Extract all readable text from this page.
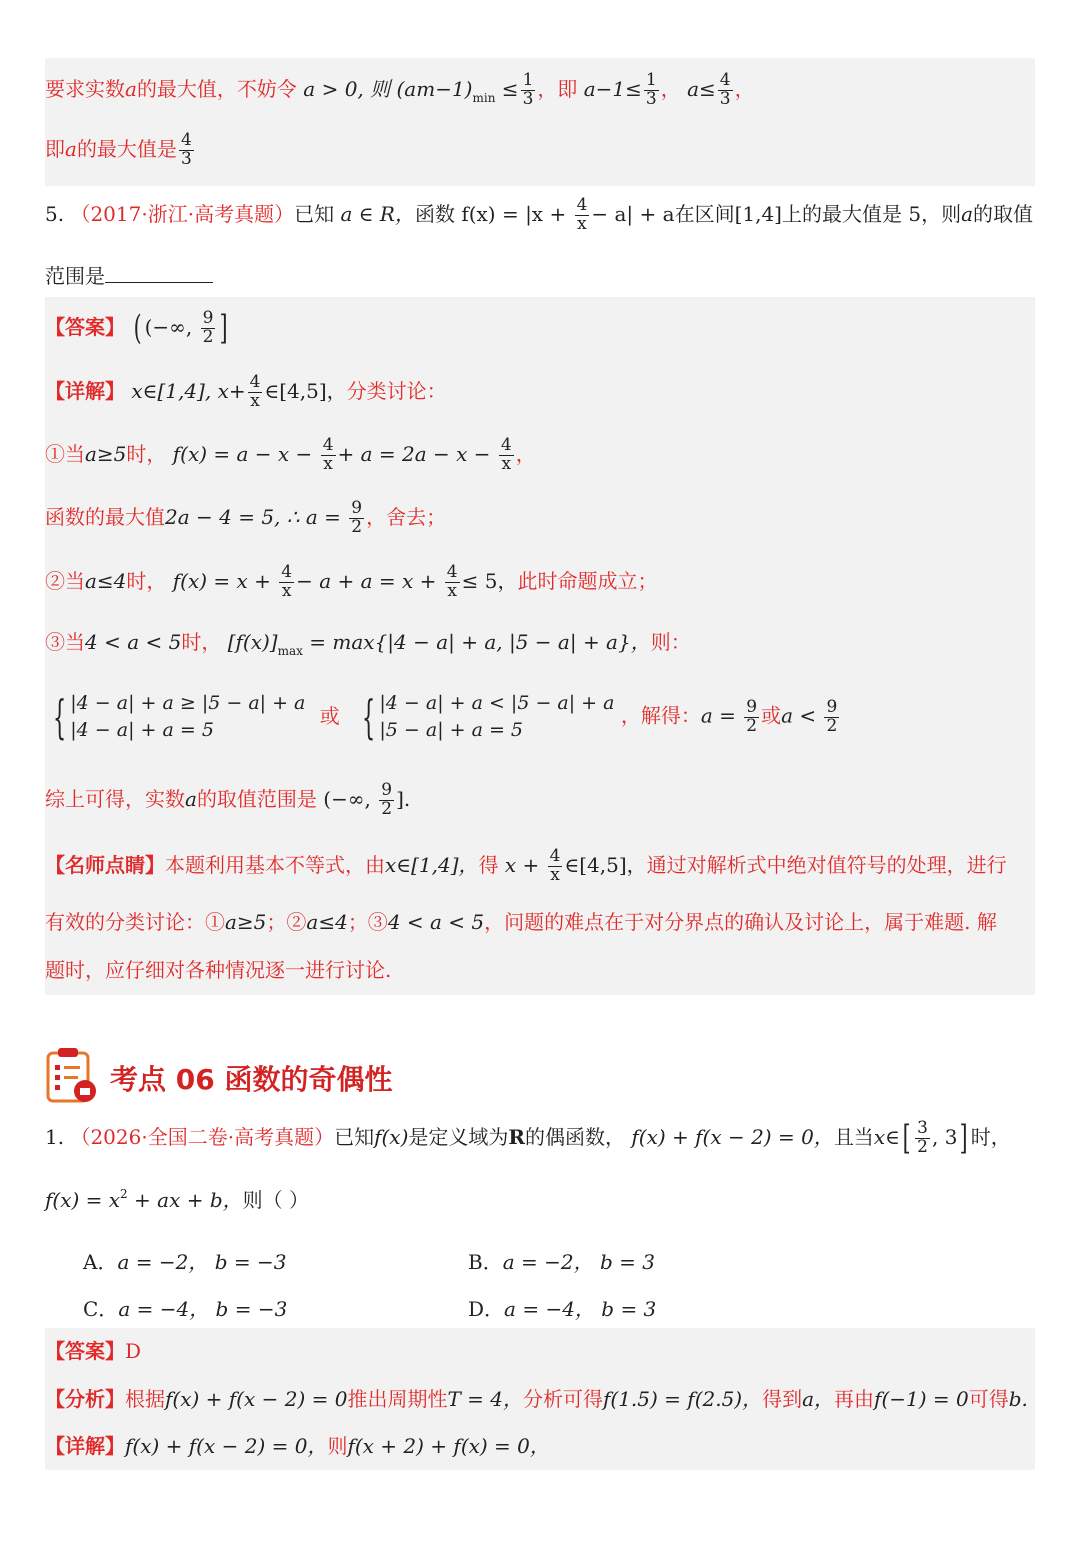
要求实数a的最大值，不妨令 a > 0, 则 $(am-1)_{min} \le \frac{1}{3}$ ，即 $a-1\le \frac{1}{3}$ ， $a\le \frac{4}{3}$ ，
即a的最大值是 $\frac{4}{3}$
5. （2017·浙江·高考真题）已知 a ∈ R，函数 $f(x) = |x + \frac{4}{x} - a| + a$在区间[1,4]上的最大值是 5，则a的取值
范围是
【答案】 ( (−∞, $\frac{9}{2}$ ]
【详解】 x∈[1,4], $x+ \frac{4}{x}$ ∈[4,5]，分类讨论：
①当a≥5时， $f(x) = a - x - \frac{4}{x} + a = 2a - x - \frac{4}{x}$ ，
函数的最大值2a − 4 = 5, ∴ $a = \frac{9}{2}$ ，舍去；
②当a≤4时， $f(x) = x + \frac{4}{x} - a + a = x + \frac{4}{x} \le 5$，此时命题成立；
③当4 < a < 5时， $[f(x)]_{max} = \max\{|4 - a| + a$, |5 − a| + a}，则：
{ |4 − a| + a ≥ |5 − a| + a
|4 − a| + a = 5
或 { |4 − a| + a < |5 − a| + a
|5 − a| + a = 5
，解得：$a = \frac{9}{2}$ 或$a < \frac{9}{2}$
综上可得，实数a的取值范围是 (−∞, $\frac{9}{2}$ ].
【名师点睛】本题利用基本不等式，由x∈[1,4]，得 $x + \frac{4}{x}$ ∈[4,5]，通过对解析式中绝对值符号的处理，进行
有效的分类讨论：①a≥5；②a≤4；③4 < a < 5，问题的难点在于对分界点的确认及讨论上，属于难题. 解
题时，应仔细对各种情况逐一进行讨论.
考点 06 函数的奇偶性
1. （2026·全国二卷·高考真题）已知f(x)是定义域为R的偶函数， f(x) + f(x − 2) = 0，且当x∈[ $\frac{3}{2}$ , 3] 时，
$f(x) = x^2$ + ax + b，则（ ）
A．a = −2， b = −3	B．a = −2， b = 3
C．a = −4， b = −3	D．a = −4， b = 3
【答案】D
【分析】根据f(x) + f(x − 2) = 0推出周期性T = 4，分析可得f(1.5) = f(2.5)，得到a，再由f(−1) = 0可得b.
【详解】f(x) + f(x − 2) = 0，则f(x + 2) + f(x) = 0，
